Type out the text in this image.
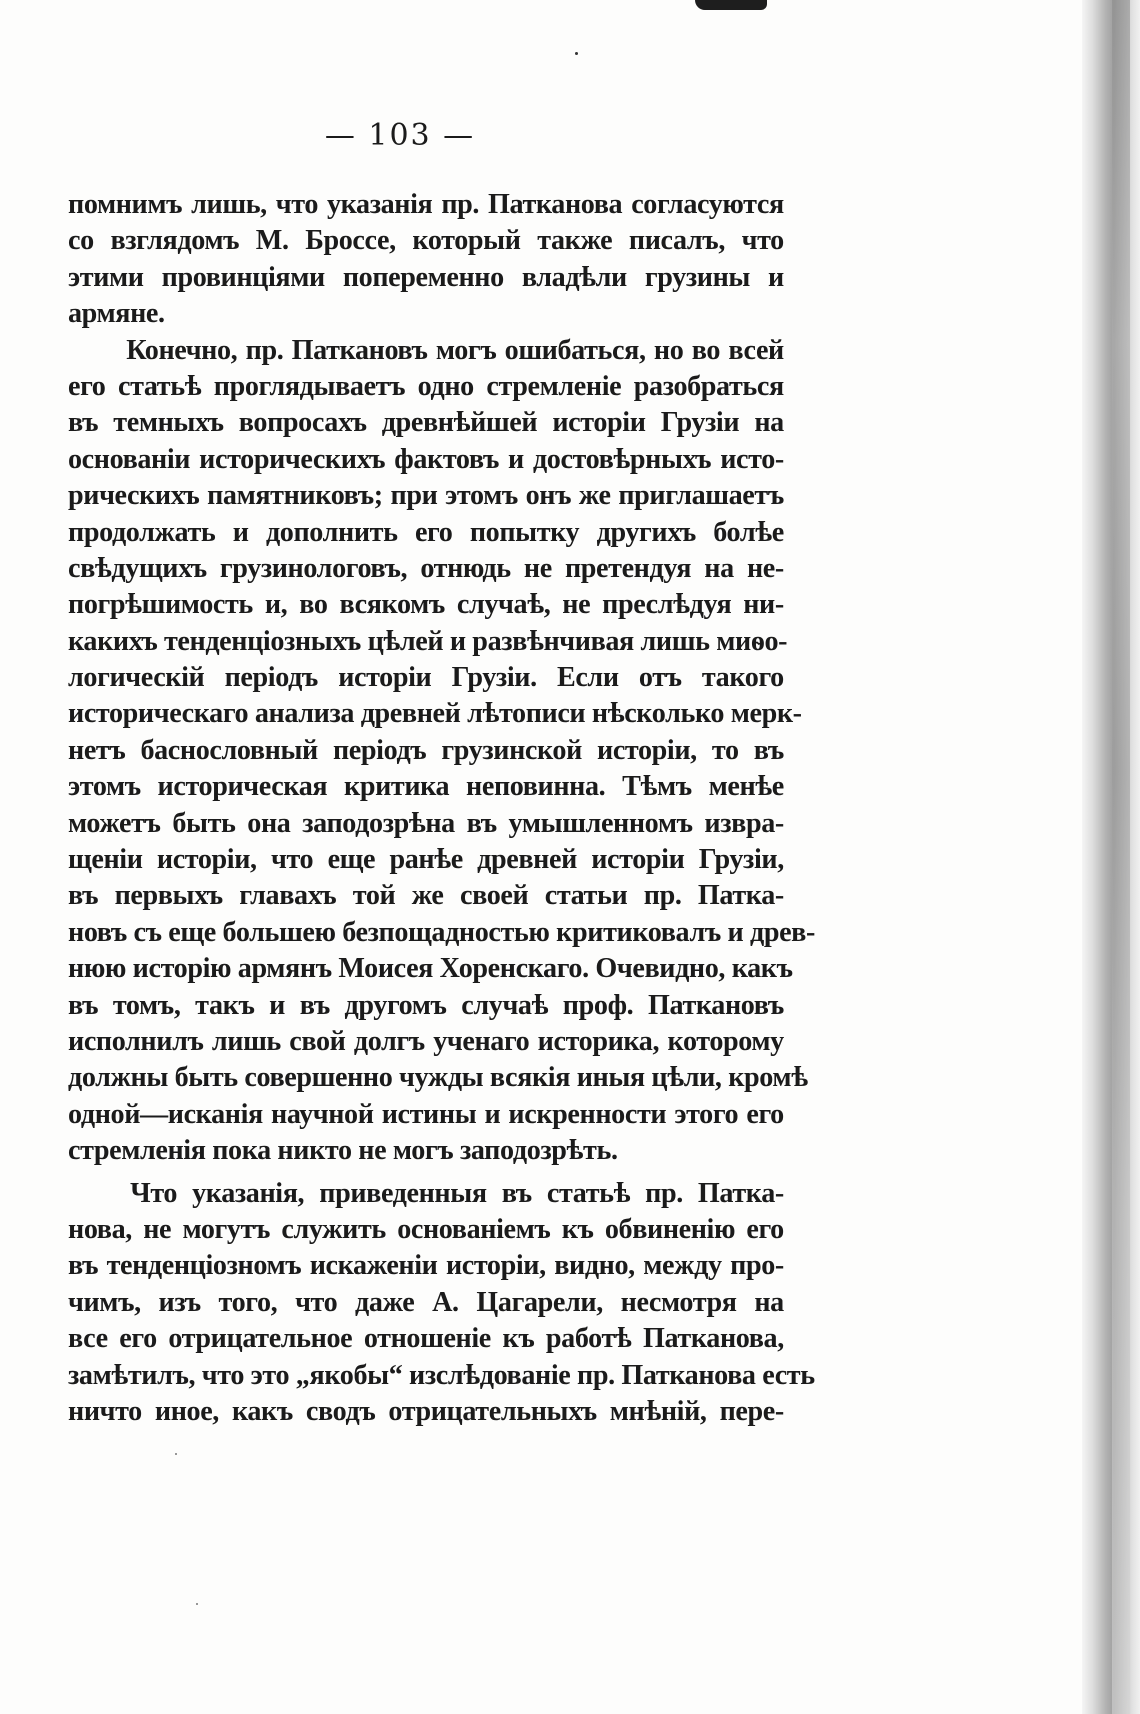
— 103 —
помнимъ лишь, что указанія пр. Патканова согласуются
со взглядомъ М. Броссе, который также писалъ, что
этими провинціями попеременно владѣли грузины и
армяне.
Конечно, пр. Паткановъ могъ ошибаться, но во всей
его статьѣ проглядываетъ одно стремленіе разобраться
въ темныхъ вопросахъ древнѣйшей исторіи Грузіи на
основаніи историческихъ фактовъ и достовѣрныхъ исто-
рическихъ памятниковъ; при этомъ онъ же приглашаетъ
продолжать и дополнить его попытку другихъ болѣе
свѣдущихъ грузинологовъ, отнюдь не претендуя на не-
погрѣшимость и, во всякомъ случаѣ, не преслѣдуя ни-
какихъ тенденціозныхъ цѣлей и развѣнчивая лишь миѳо-
логическій періодъ исторіи Грузіи. Если отъ такого
историческаго анализа древней лѣтописи нѣсколько мерк-
нетъ баснословный періодъ грузинской исторіи, то въ
этомъ историческая критика неповинна. Тѣмъ менѣе
можетъ быть она заподозрѣна въ умышленномъ извра-
щеніи исторіи, что еще ранѣе древней исторіи Грузіи,
въ первыхъ главахъ той же своей статьи пр. Патка-
новъ съ еще большею безпощадностью критиковалъ и древ-
нюю исторію армянъ Моисея Хоренскаго. Очевидно, какъ
въ томъ, такъ и въ другомъ случаѣ проф. Паткановъ
исполнилъ лишь свой долгъ ученаго историка, которому
должны быть совершенно чужды всякія иныя цѣли, кромѣ
одной—исканія научной истины и искренности этого его
стремленія пока никто не могъ заподозрѣть.
Что указанія, приведенныя въ статьѣ пр. Патка-
нова, не могутъ служить основаніемъ къ обвиненію его
въ тенденціозномъ искаженіи исторіи, видно, между про-
чимъ, изъ того, что даже А. Цагарели, несмотря на
все его отрицательное отношеніе къ работѣ Патканова,
замѣтилъ, что это „якобы“ изслѣдованіе пр. Патканова есть
ничто иное, какъ сводъ отрицательныхъ мнѣній, пере-
